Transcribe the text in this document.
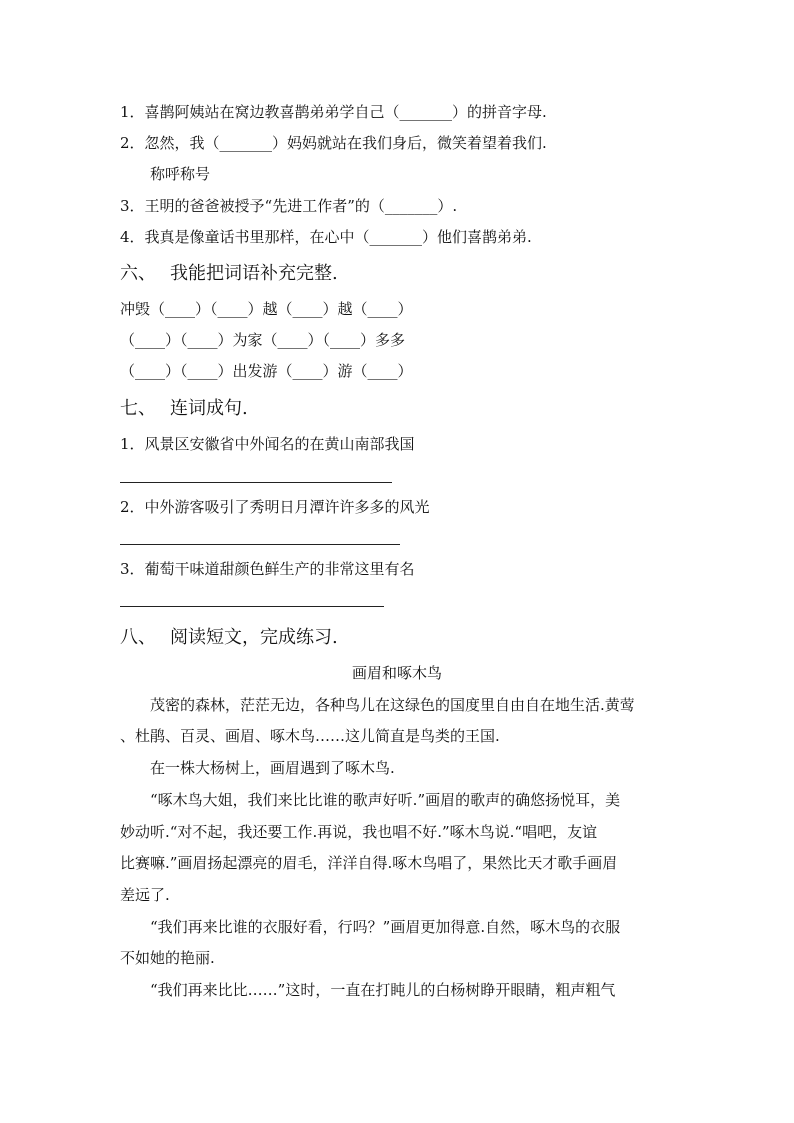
1．喜鹊阿姨站在窝边教喜鹊弟弟学自己（_______）的拼音字母.
2．忽然，我（_______）妈妈就站在我们身后，微笑着望着我们.
称呼称号
3．王明的爸爸被授予“先进工作者”的（_______）.
4．我真是像童话书里那样，在心中（_______）他们喜鹊弟弟.
六、 我能把词语补充完整.
冲毁（____）（____）越（____）越（____）
（____）（____）为家（____）（____）多多
（____）（____）出发游（____）游（____）
七、 连词成句.
1．风景区安徽省中外闻名的在黄山南部我国
2．中外游客吸引了秀明日月潭许许多多的风光
3．葡萄干味道甜颜色鲜生产的非常这里有名
八、 阅读短文，完成练习.
画眉和啄木鸟
　　茂密的森林，茫茫无边，各种鸟儿在这绿色的国度里自由自在地生活.黄莺
、杜鹃、百灵、画眉、啄木鸟……这儿简直是鸟类的王国.
　　在一株大杨树上，画眉遇到了啄木鸟.
　　“啄木鸟大姐，我们来比比谁的歌声好听.”画眉的歌声的确悠扬悦耳，美
妙动听.“对不起，我还要工作.再说，我也唱不好.”啄木鸟说.“唱吧，友谊
比赛嘛.”画眉扬起漂亮的眉毛，洋洋自得.啄木鸟唱了，果然比天才歌手画眉
差远了.
　　“我们再来比谁的衣服好看，行吗？”画眉更加得意.自然，啄木鸟的衣服
不如她的艳丽.
　　“我们再来比比……”这时，一直在打盹儿的白杨树睁开眼睛，粗声粗气
